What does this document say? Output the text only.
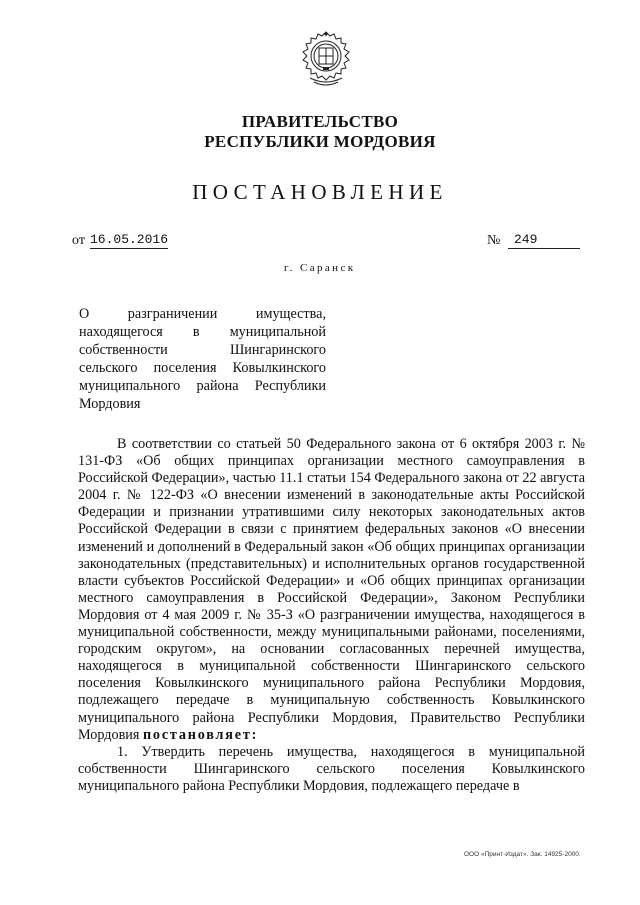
ПРАВИТЕЛЬСТВО
РЕСПУБЛИКИ МОРДОВИЯ
ПОСТАНОВЛЕНИЕ
от 16.05.2016	№	249
г. Саранск
О разграничении имущества, находящегося в муниципальной собственности Шингаринского сельского поселения Ковылкинского муниципального района Республики Мордовия

В соответствии со статьей 50 Федерального закона от 6 октября 2003 г. № 131-ФЗ «Об общих принципах организации местного самоуправления в Российской Федерации», частью 11.1 статьи 154 Федерального закона от 22 августа 2004 г. № 122-ФЗ «О внесении изменений в законодательные акты Российской Федерации и признании утратившими силу некоторых законодательных актов Российской Федерации в связи с принятием федеральных законов «О внесении изменений и дополнений в Федеральный закон «Об общих принципах организации законодательных (представительных) и исполнительных органов государственной власти субъектов Российской Федерации» и «Об общих принципах организации местного самоуправления в Российской Федерации», Законом Республики Мордовия от 4 мая 2009 г. № 35-З «О разграничении имущества, находящегося в муниципальной собственности, между муниципальными районами, поселениями, городским округом», на основании согласованных перечней имущества, находящегося в муниципальной собственности Шингаринского сельского поселения Ковылкинского муниципального района Республики Мордовия, подлежащего передаче в муниципальную собственность Ковылкинского муниципального района Республики Мордовия, Правительство Республики Мордовия постановляет:

1. Утвердить перечень имущества, находящегося в муниципальной собственности Шингаринского сельского поселения Ковылкинского муниципального района Республики Мордовия, подлежащего передаче в

ООО «Принт-Издат». Зак. 14925-2000.
